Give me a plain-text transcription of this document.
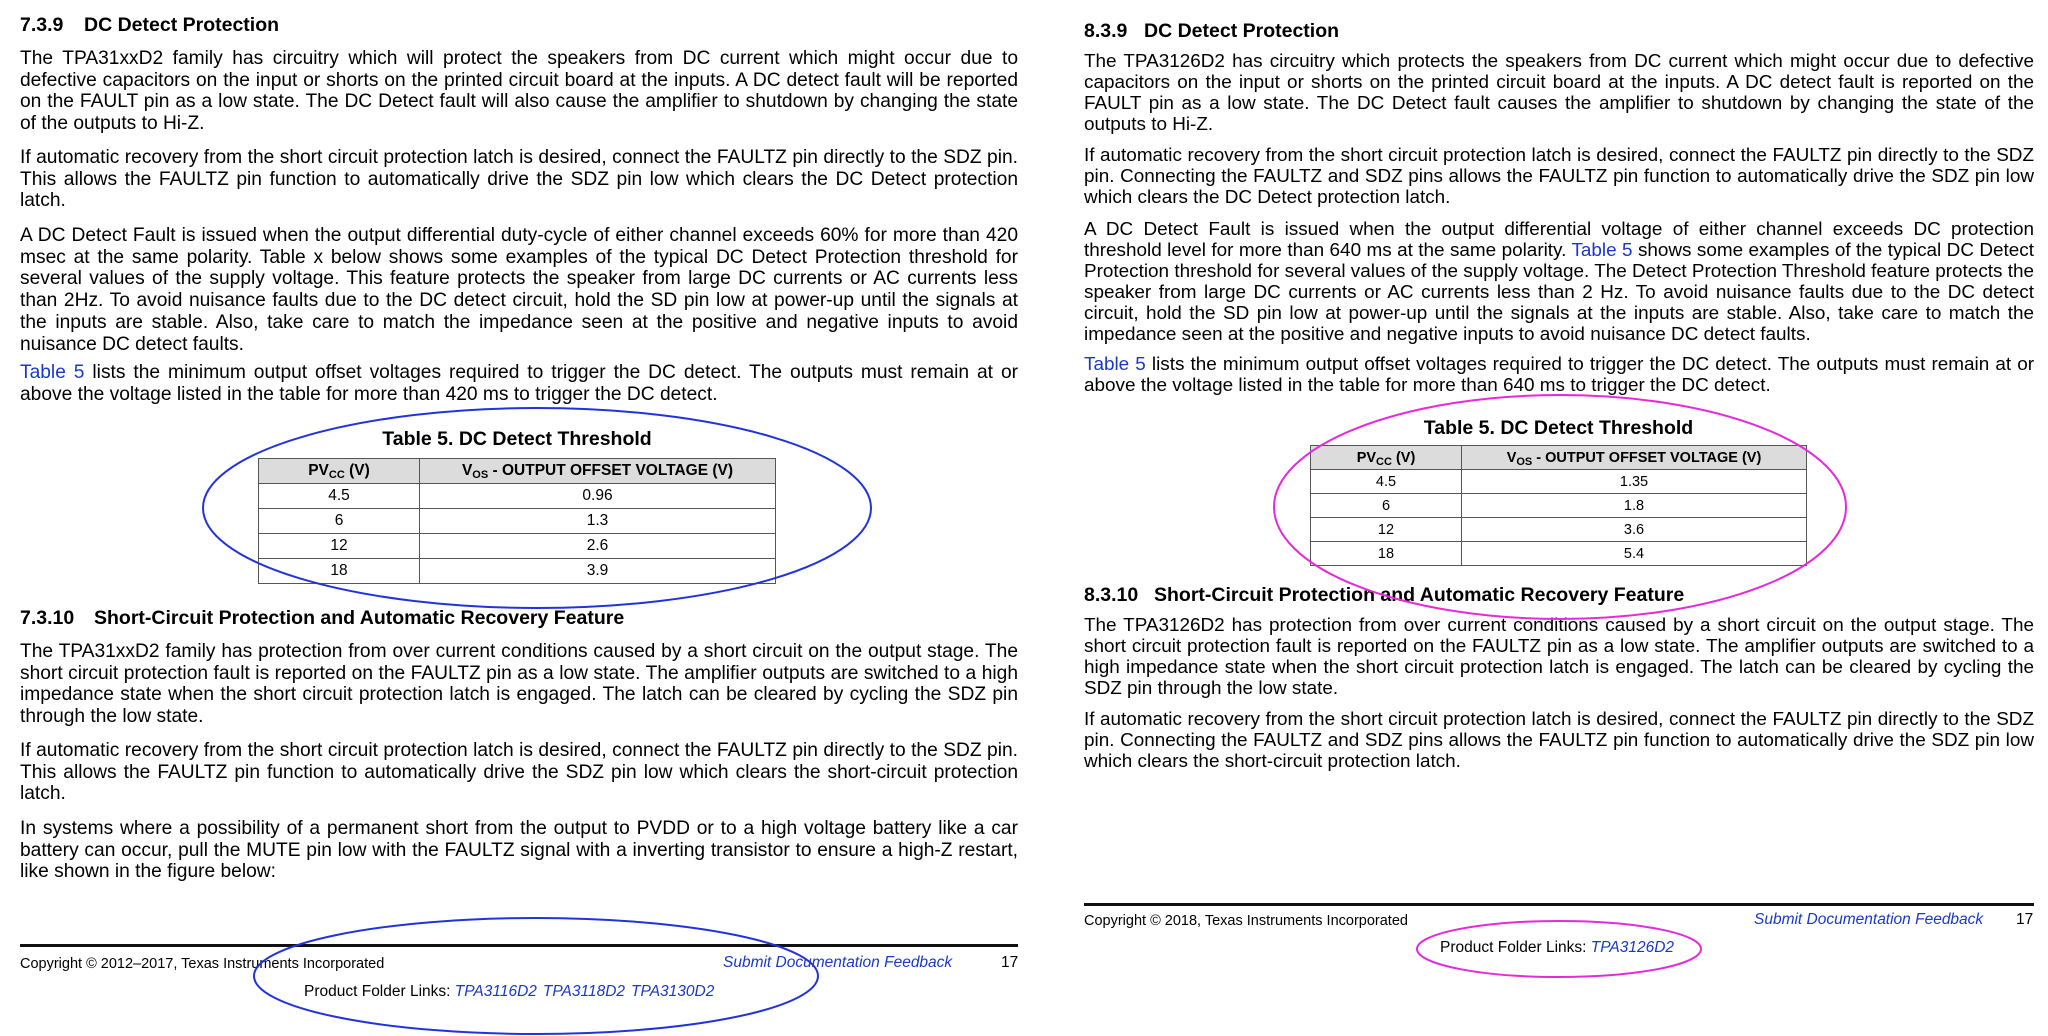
7.3.9 DC Detect Protection

The TPA31xxD2 family has circuitry which will protect the speakers from DC current which might occur due to defective capacitors on the input or shorts on the printed circuit board at the inputs. A DC detect fault will be reported on the FAULT pin as a low state. The DC Detect fault will also cause the amplifier to shutdown by changing the state of the outputs to Hi-Z.

If automatic recovery from the short circuit protection latch is desired, connect the FAULTZ pin directly to the SDZ pin. This allows the FAULTZ pin function to automatically drive the SDZ pin low which clears the DC Detect protection latch.

A DC Detect Fault is issued when the output differential duty-cycle of either channel exceeds 60% for more than 420 msec at the same polarity. Table x below shows some examples of the typical DC Detect Protection threshold for several values of the supply voltage. This feature protects the speaker from large DC currents or AC currents less than 2Hz. To avoid nuisance faults due to the DC detect circuit, hold the SD pin low at power-up until the signals at the inputs are stable. Also, take care to match the impedance seen at the positive and negative inputs to avoid nuisance DC detect faults.

Table 5 lists the minimum output offset voltages required to trigger the DC detect. The outputs must remain at or above the voltage listed in the table for more than 420 ms to trigger the DC detect.

Table 5. DC Detect Threshold
PVCC (V)	VOS - OUTPUT OFFSET VOLTAGE (V)
4.5	0.96
6	1.3
12	2.6
18	3.9
7.3.10 Short-Circuit Protection and Automatic Recovery Feature

The TPA31xxD2 family has protection from over current conditions caused by a short circuit on the output stage. The short circuit protection fault is reported on the FAULTZ pin as a low state. The amplifier outputs are switched to a high impedance state when the short circuit protection latch is engaged. The latch can be cleared by cycling the SDZ pin through the low state.

If automatic recovery from the short circuit protection latch is desired, connect the FAULTZ pin directly to the SDZ pin. This allows the FAULTZ pin function to automatically drive the SDZ pin low which clears the short-circuit protection latch.

In systems where a possibility of a permanent short from the output to PVDD or to a high voltage battery like a car battery can occur, pull the MUTE pin low with the FAULTZ signal with a inverting transistor to ensure a high-Z restart, like shown in the figure below:

Copyright © 2012–2017, Texas Instruments Incorporated	Submit Documentation Feedback	17
Product Folder Links: TPA3116D2 TPA3118D2 TPA3130D2
8.3.9 DC Detect Protection

The TPA3126D2 has circuitry which protects the speakers from DC current which might occur due to defective capacitors on the input or shorts on the printed circuit board at the inputs. A DC detect fault is reported on the FAULT pin as a low state. The DC Detect fault causes the amplifier to shutdown by changing the state of the outputs to Hi-Z.

If automatic recovery from the short circuit protection latch is desired, connect the FAULTZ pin directly to the SDZ pin. Connecting the FAULTZ and SDZ pins allows the FAULTZ pin function to automatically drive the SDZ pin low which clears the DC Detect protection latch.

A DC Detect Fault is issued when the output differential voltage of either channel exceeds DC protection threshold level for more than 640 ms at the same polarity. Table 5 shows some examples of the typical DC Detect Protection threshold for several values of the supply voltage. The Detect Protection Threshold feature protects the speaker from large DC currents or AC currents less than 2 Hz. To avoid nuisance faults due to the DC detect circuit, hold the SD pin low at power-up until the signals at the inputs are stable. Also, take care to match the impedance seen at the positive and negative inputs to avoid nuisance DC detect faults.

Table 5 lists the minimum output offset voltages required to trigger the DC detect. The outputs must remain at or above the voltage listed in the table for more than 640 ms to trigger the DC detect.

Table 5. DC Detect Threshold
$PV_{CC}$ (V)	$V_{OS}$ - OUTPUT OFFSET VOLTAGE (V)
4.5	1.35
6	1.8
12	3.6
18	5.4
8.3.10 Short-Circuit Protection and Automatic Recovery Feature

The TPA3126D2 has protection from over current conditions caused by a short circuit on the output stage. The short circuit protection fault is reported on the FAULTZ pin as a low state. The amplifier outputs are switched to a high impedance state when the short circuit protection latch is engaged. The latch can be cleared by cycling the SDZ pin through the low state.

If automatic recovery from the short circuit protection latch is desired, connect the FAULTZ pin directly to the SDZ pin. Connecting the FAULTZ and SDZ pins allows the FAULTZ pin function to automatically drive the SDZ pin low which clears the short-circuit protection latch.

Copyright © 2018, Texas Instruments Incorporated	Submit Documentation Feedback 17
Product Folder Links: TPA3126D2
